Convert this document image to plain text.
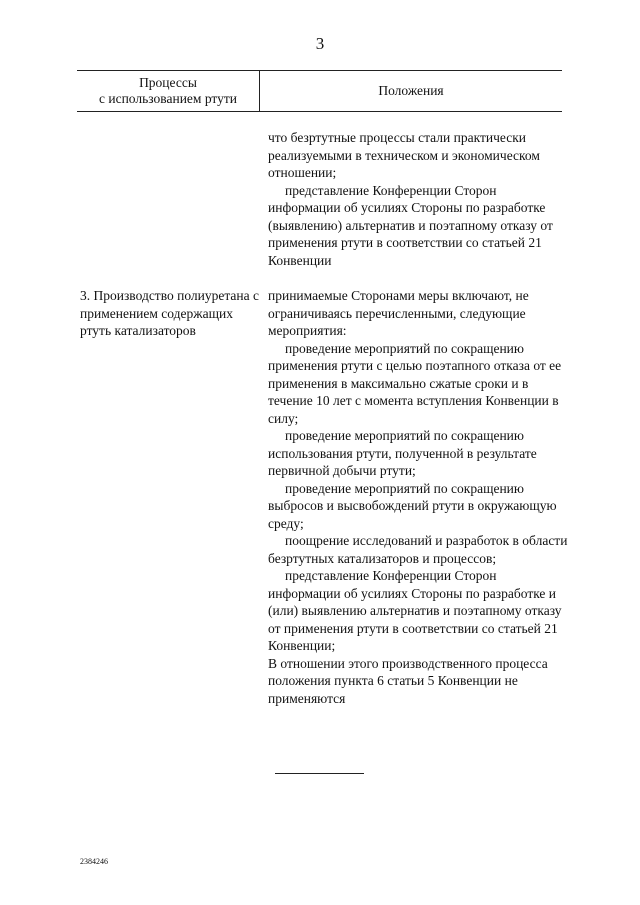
3
Процессы
с использованием ртути
Положения

что безртутные процессы стали практически реализуемыми в техническом и экономическом отношении;

представление Конференции Сторон информации об усилиях Стороны по разработке (выявлению) альтернатив и поэтапному отказу от применения ртути в соответствии со статьей 21 Конвенции

3. Производство полиуретана с применением содержащих ртуть катализаторов

принимаемые Сторонами меры включают, не ограничиваясь перечисленными, следующие мероприятия:

проведение мероприятий по сокращению применения ртути с целью поэтапного отказа от ее применения в максимально сжатые сроки и в течение 10 лет с момента вступления Конвенции в силу;

проведение мероприятий по сокращению использования ртути, полученной в результате первичной добычи ртути;

проведение мероприятий по сокращению выбросов и высвобождений ртути в окружающую среду;

поощрение исследований и разработок в области безртутных катализаторов и процессов;

представление Конференции Сторон информации об усилиях Стороны по разработке и (или) выявлению альтернатив и поэтапному отказу от применения ртути в соответствии со статьей 21 Конвенции;

В отношении этого производственного процесса положения пункта 6 статьи 5 Конвенции не применяются

2384246
